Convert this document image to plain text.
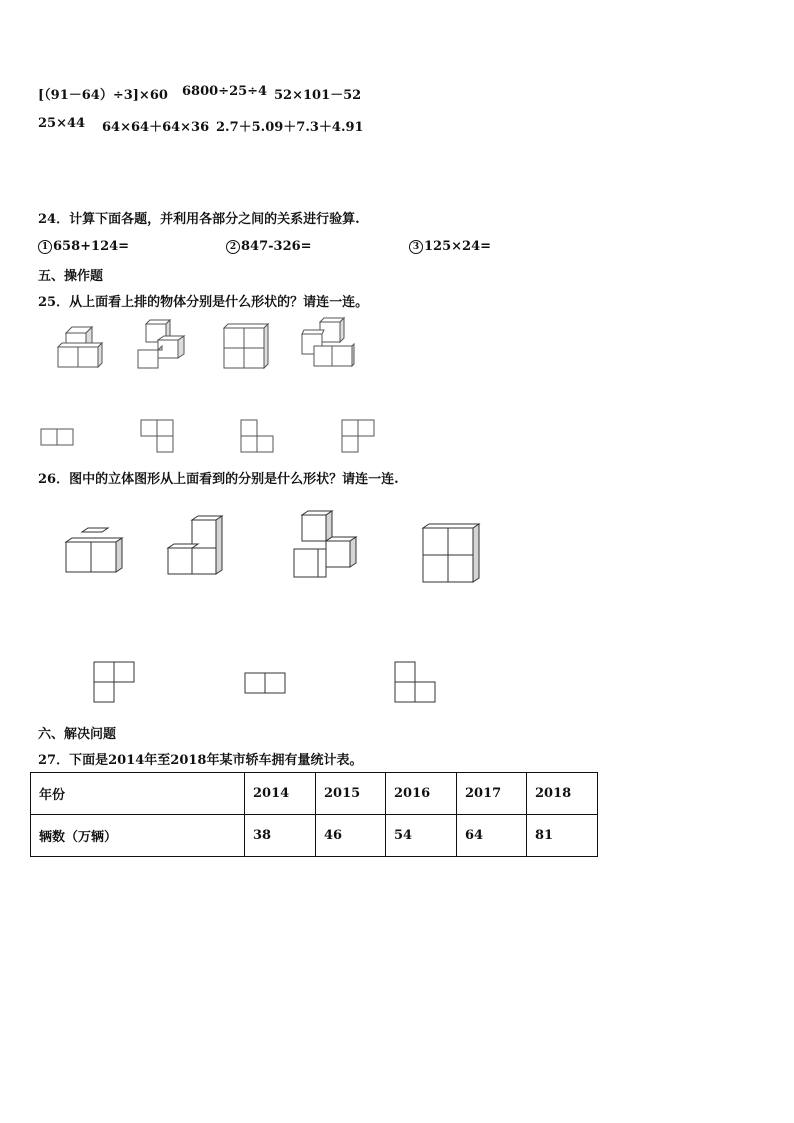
[（91－64）÷3]×60 6800÷25÷4 52×101－52
25×44 64×64＋64×36 2.7＋5.09＋7.3＋4.91
24．计算下面各题，并利用各部分之间的关系进行验算.
1 658+124=	2 847-326=	3 125×24=
五、操作题
25．从上面看上排的物体分别是什么形状的？请连一连。
26．图中的立体图形从上面看到的分别是什么形状？请连一连.
六、解决问题
27．下面是2014年至2018年某市轿车拥有量统计表。
年份	2014	2015	2016	2017	2018
辆数（万辆）	38	46	54	64	81
